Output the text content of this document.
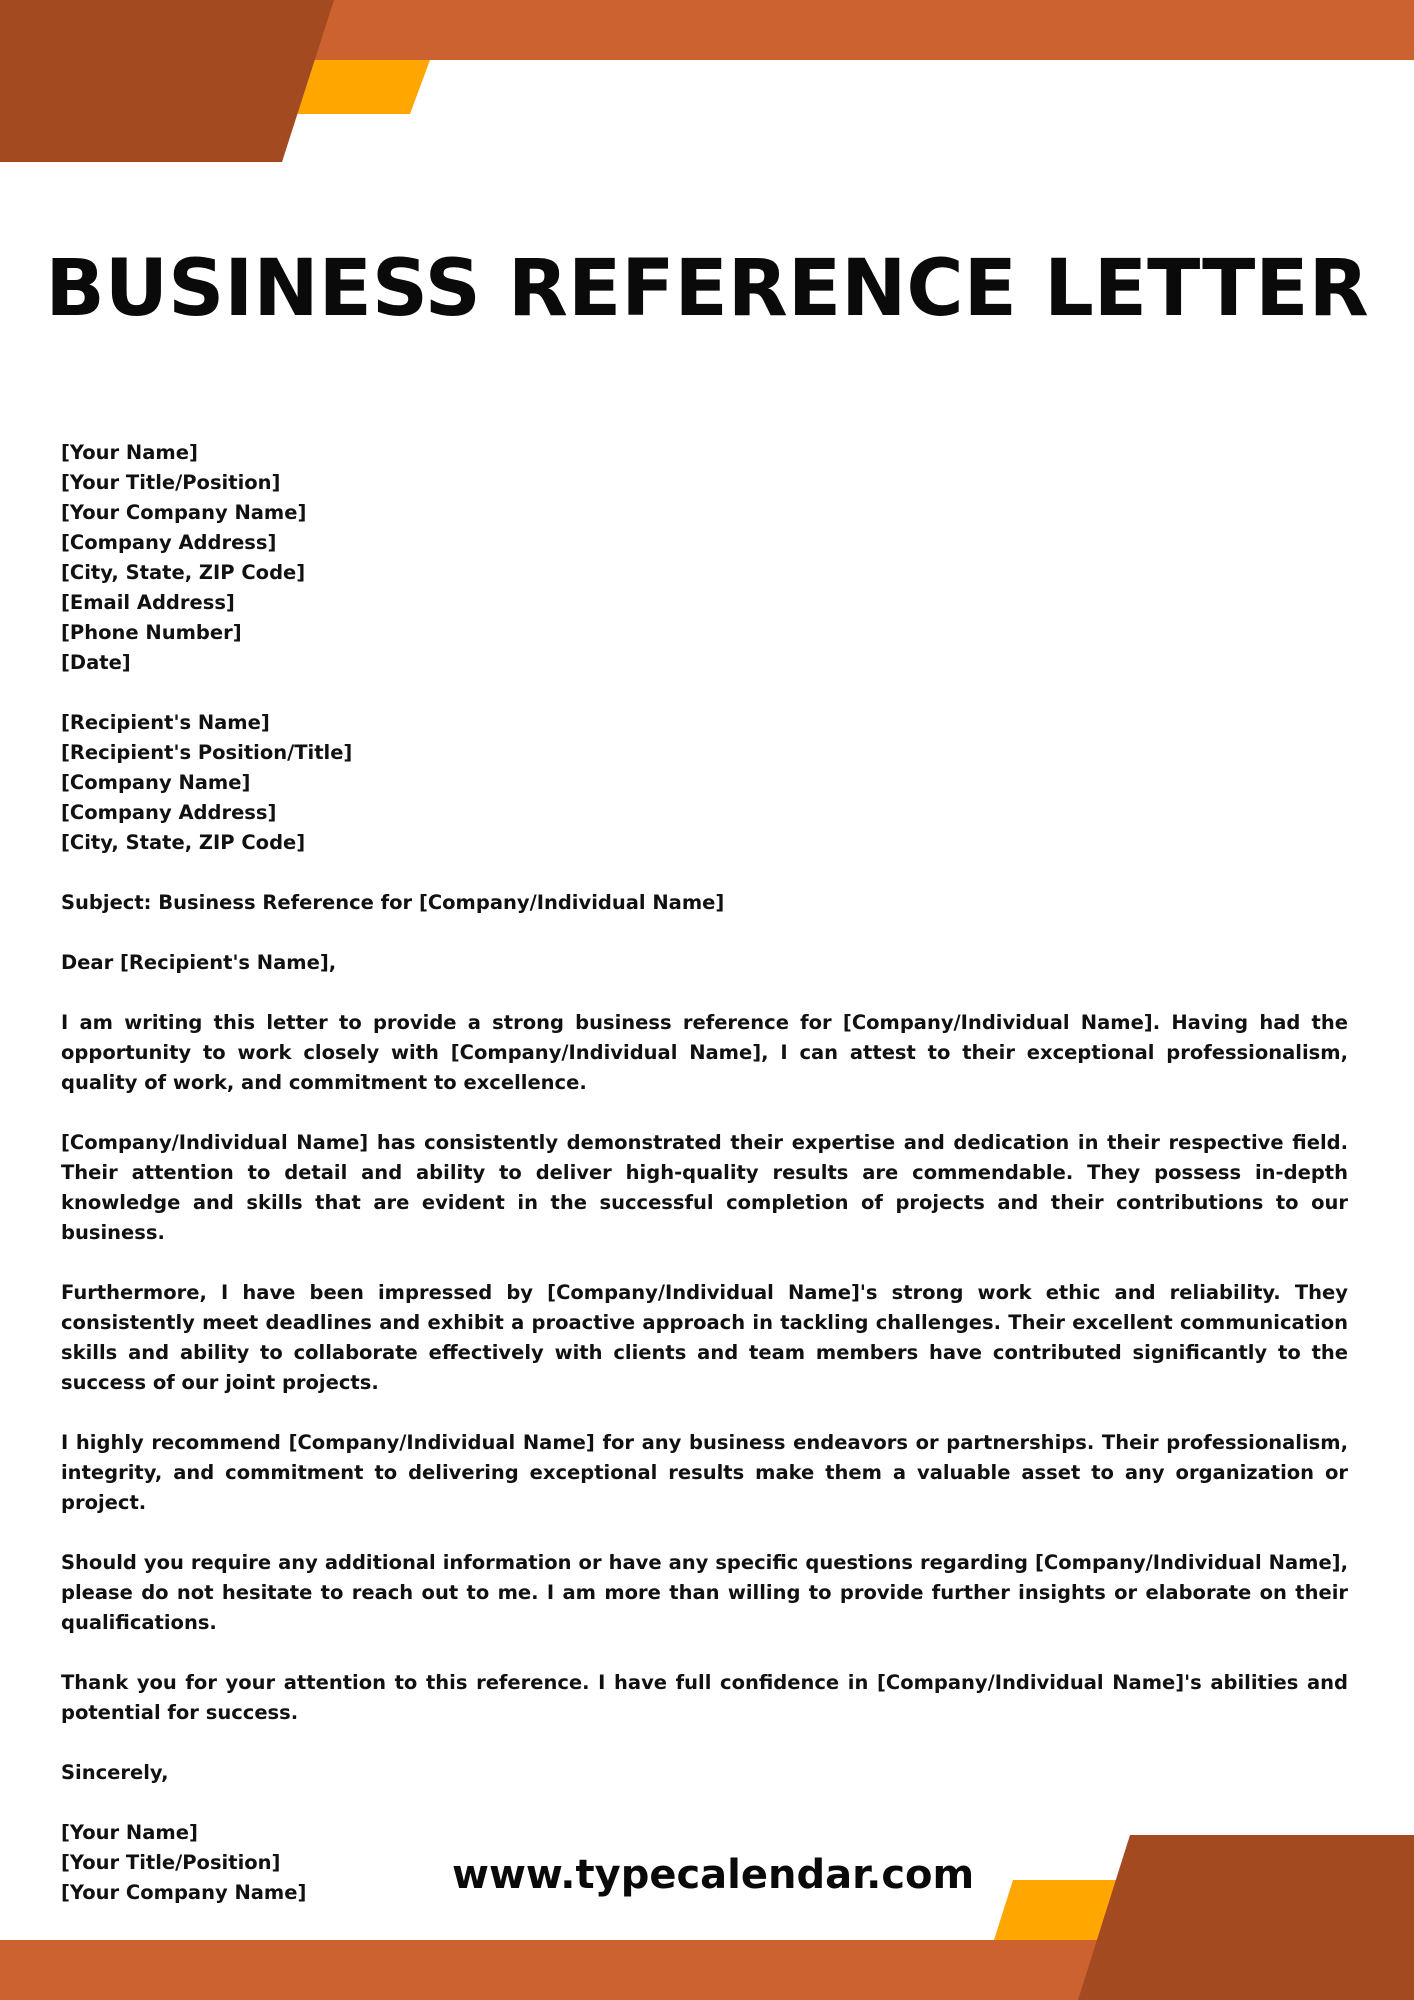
BUSINESS REFERENCE LETTER
[Your Name]
[Your Title/Position]
[Your Company Name]
[Company Address]
[City, State, ZIP Code]
[Email Address]
[Phone Number]
[Date]
[Recipient's Name]
[Recipient's Position/Title]
[Company Name]
[Company Address]
[City, State, ZIP Code]
Subject: Business Reference for [Company/Individual Name]
Dear [Recipient's Name],

I am writing this letter to provide a strong business reference for [Company/Individual Name]. Having had the opportunity to work closely with [Company/Individual Name], I can attest to their exceptional professionalism, quality of work, and commitment to excellence.

[Company/Individual Name] has consistently demonstrated their expertise and dedication in their respective field. Their attention to detail and ability to deliver high-quality results are commendable. They possess in-depth knowledge and skills that are evident in the successful completion of projects and their contributions to our business.

Furthermore, I have been impressed by [Company/Individual Name]'s strong work ethic and reliability. They consistently meet deadlines and exhibit a proactive approach in tackling challenges. Their excellent communication skills and ability to collaborate effectively with clients and team members have contributed significantly to the success of our joint projects.

I highly recommend [Company/Individual Name] for any business endeavors or partnerships. Their professionalism, integrity, and commitment to delivering exceptional results make them a valuable asset to any organization or project.

Should you require any additional information or have any specific questions regarding [Company/Individual Name], please do not hesitate to reach out to me. I am more than willing to provide further insights or elaborate on their qualifications.

Thank you for your attention to this reference. I have full confidence in [Company/Individual Name]'s abilities and potential for success.

Sincerely,
[Your Name]
[Your Title/Position]
[Your Company Name]	www.typecalendar.com
